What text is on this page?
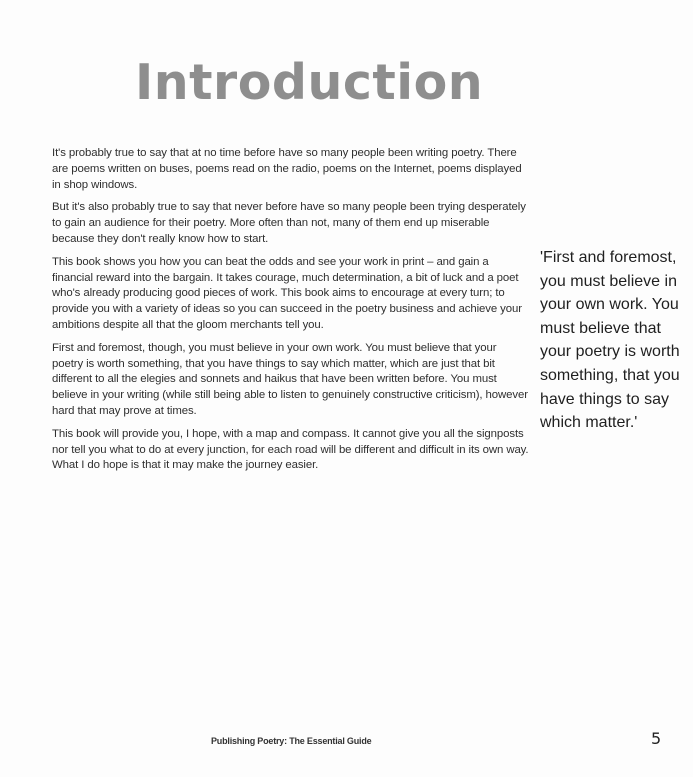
Introduction

It's probably true to say that at no time before have so many people been writing poetry. There are poems written on buses, poems read on the radio, poems on the Internet, poems displayed in shop windows.

But it's also probably true to say that never before have so many people been trying desperately to gain an audience for their poetry. More often than not, many of them end up miserable because they don't really know how to start.

This book shows you how you can beat the odds and see your work in print – and gain a financial reward into the bargain. It takes courage, much determination, a bit of luck and a poet who's already producing good pieces of work. This book aims to encourage at every turn; to provide you with a variety of ideas so you can succeed in the poetry business and achieve your ambitions despite all that the gloom merchants tell you.

First and foremost, though, you must believe in your own work. You must believe that your poetry is worth something, that you have things to say which matter, which are just that bit different to all the elegies and sonnets and haikus that have been written before. You must believe in your writing (while still being able to listen to genuinely constructive criticism), however hard that may prove at times.

This book will provide you, I hope, with a map and compass. It cannot give you all the signposts nor tell you what to do at every junction, for each road will be different and difficult in its own way. What I do hope is that it may make the journey easier.

'First and foremost, you must believe in your own work. You must believe that your poetry is worth something, that you have things to say which matter.'

Publishing Poetry: The Essential Guide	5
